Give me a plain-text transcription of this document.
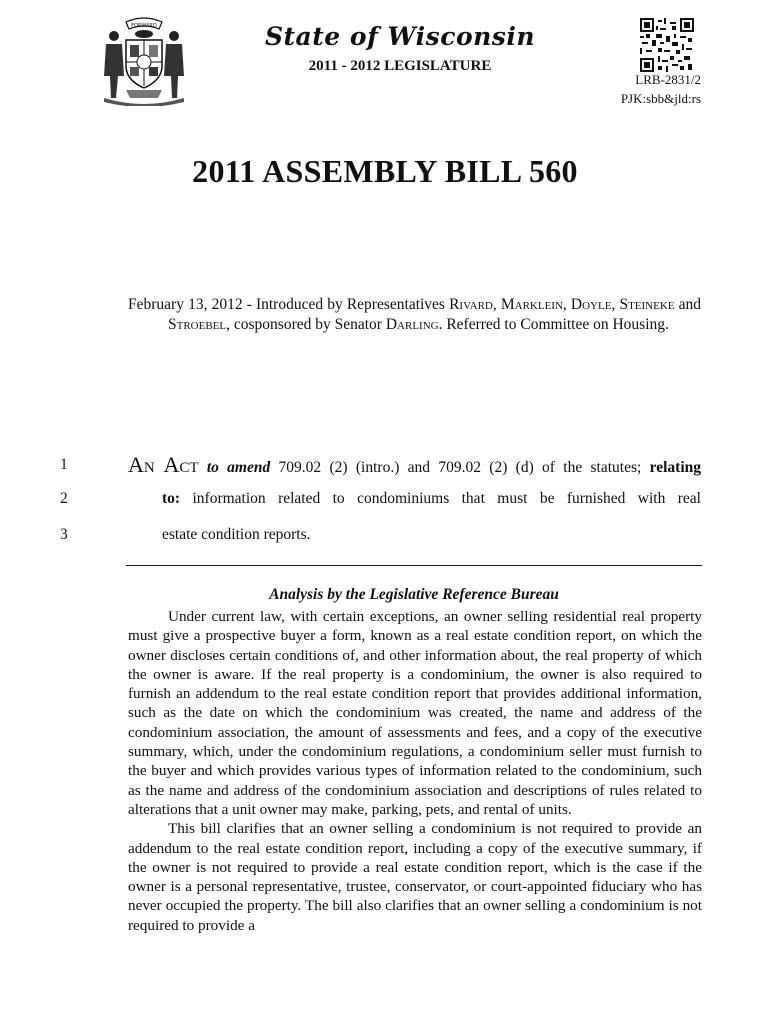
FORWARD	State of Wisconsin
2011 - 2012 LEGISLATURE
LRB-2831/2
PJK:sbb&jld:rs
2011 ASSEMBLY BILL 560
February 13, 2012 - Introduced by Representatives Rivard, Marklein, Doyle, Steineke and Stroebel, cosponsored by Senator Darling. Referred to Committee on Housing.
1
2
3
An Act to amend 709.02 (2) (intro.) and 709.02 (2) (d) of the statutes; relating
to: information related to condominiums that must be furnished with real
estate condition reports.
Analysis by the Legislative Reference Bureau

Under current law, with certain exceptions, an owner selling residential real property must give a prospective buyer a form, known as a real estate condition report, on which the owner discloses certain conditions of, and other information about, the real property of which the owner is aware. If the real property is a condominium, the owner is also required to furnish an addendum to the real estate condition report that provides additional information, such as the date on which the condominium was created, the name and address of the condominium association, the amount of assessments and fees, and a copy of the executive summary, which, under the condominium regulations, a condominium seller must furnish to the buyer and which provides various types of information related to the condominium, such as the name and address of the condominium association and descriptions of rules related to alterations that a unit owner may make, parking, pets, and rental of units.

This bill clarifies that an owner selling a condominium is not required to provide an addendum to the real estate condition report, including a copy of the executive summary, if the owner is not required to provide a real estate condition report, which is the case if the owner is a personal representative, trustee, conservator, or court-appointed fiduciary who has never occupied the property. The bill also clarifies that an owner selling a condominium is not required to provide a
